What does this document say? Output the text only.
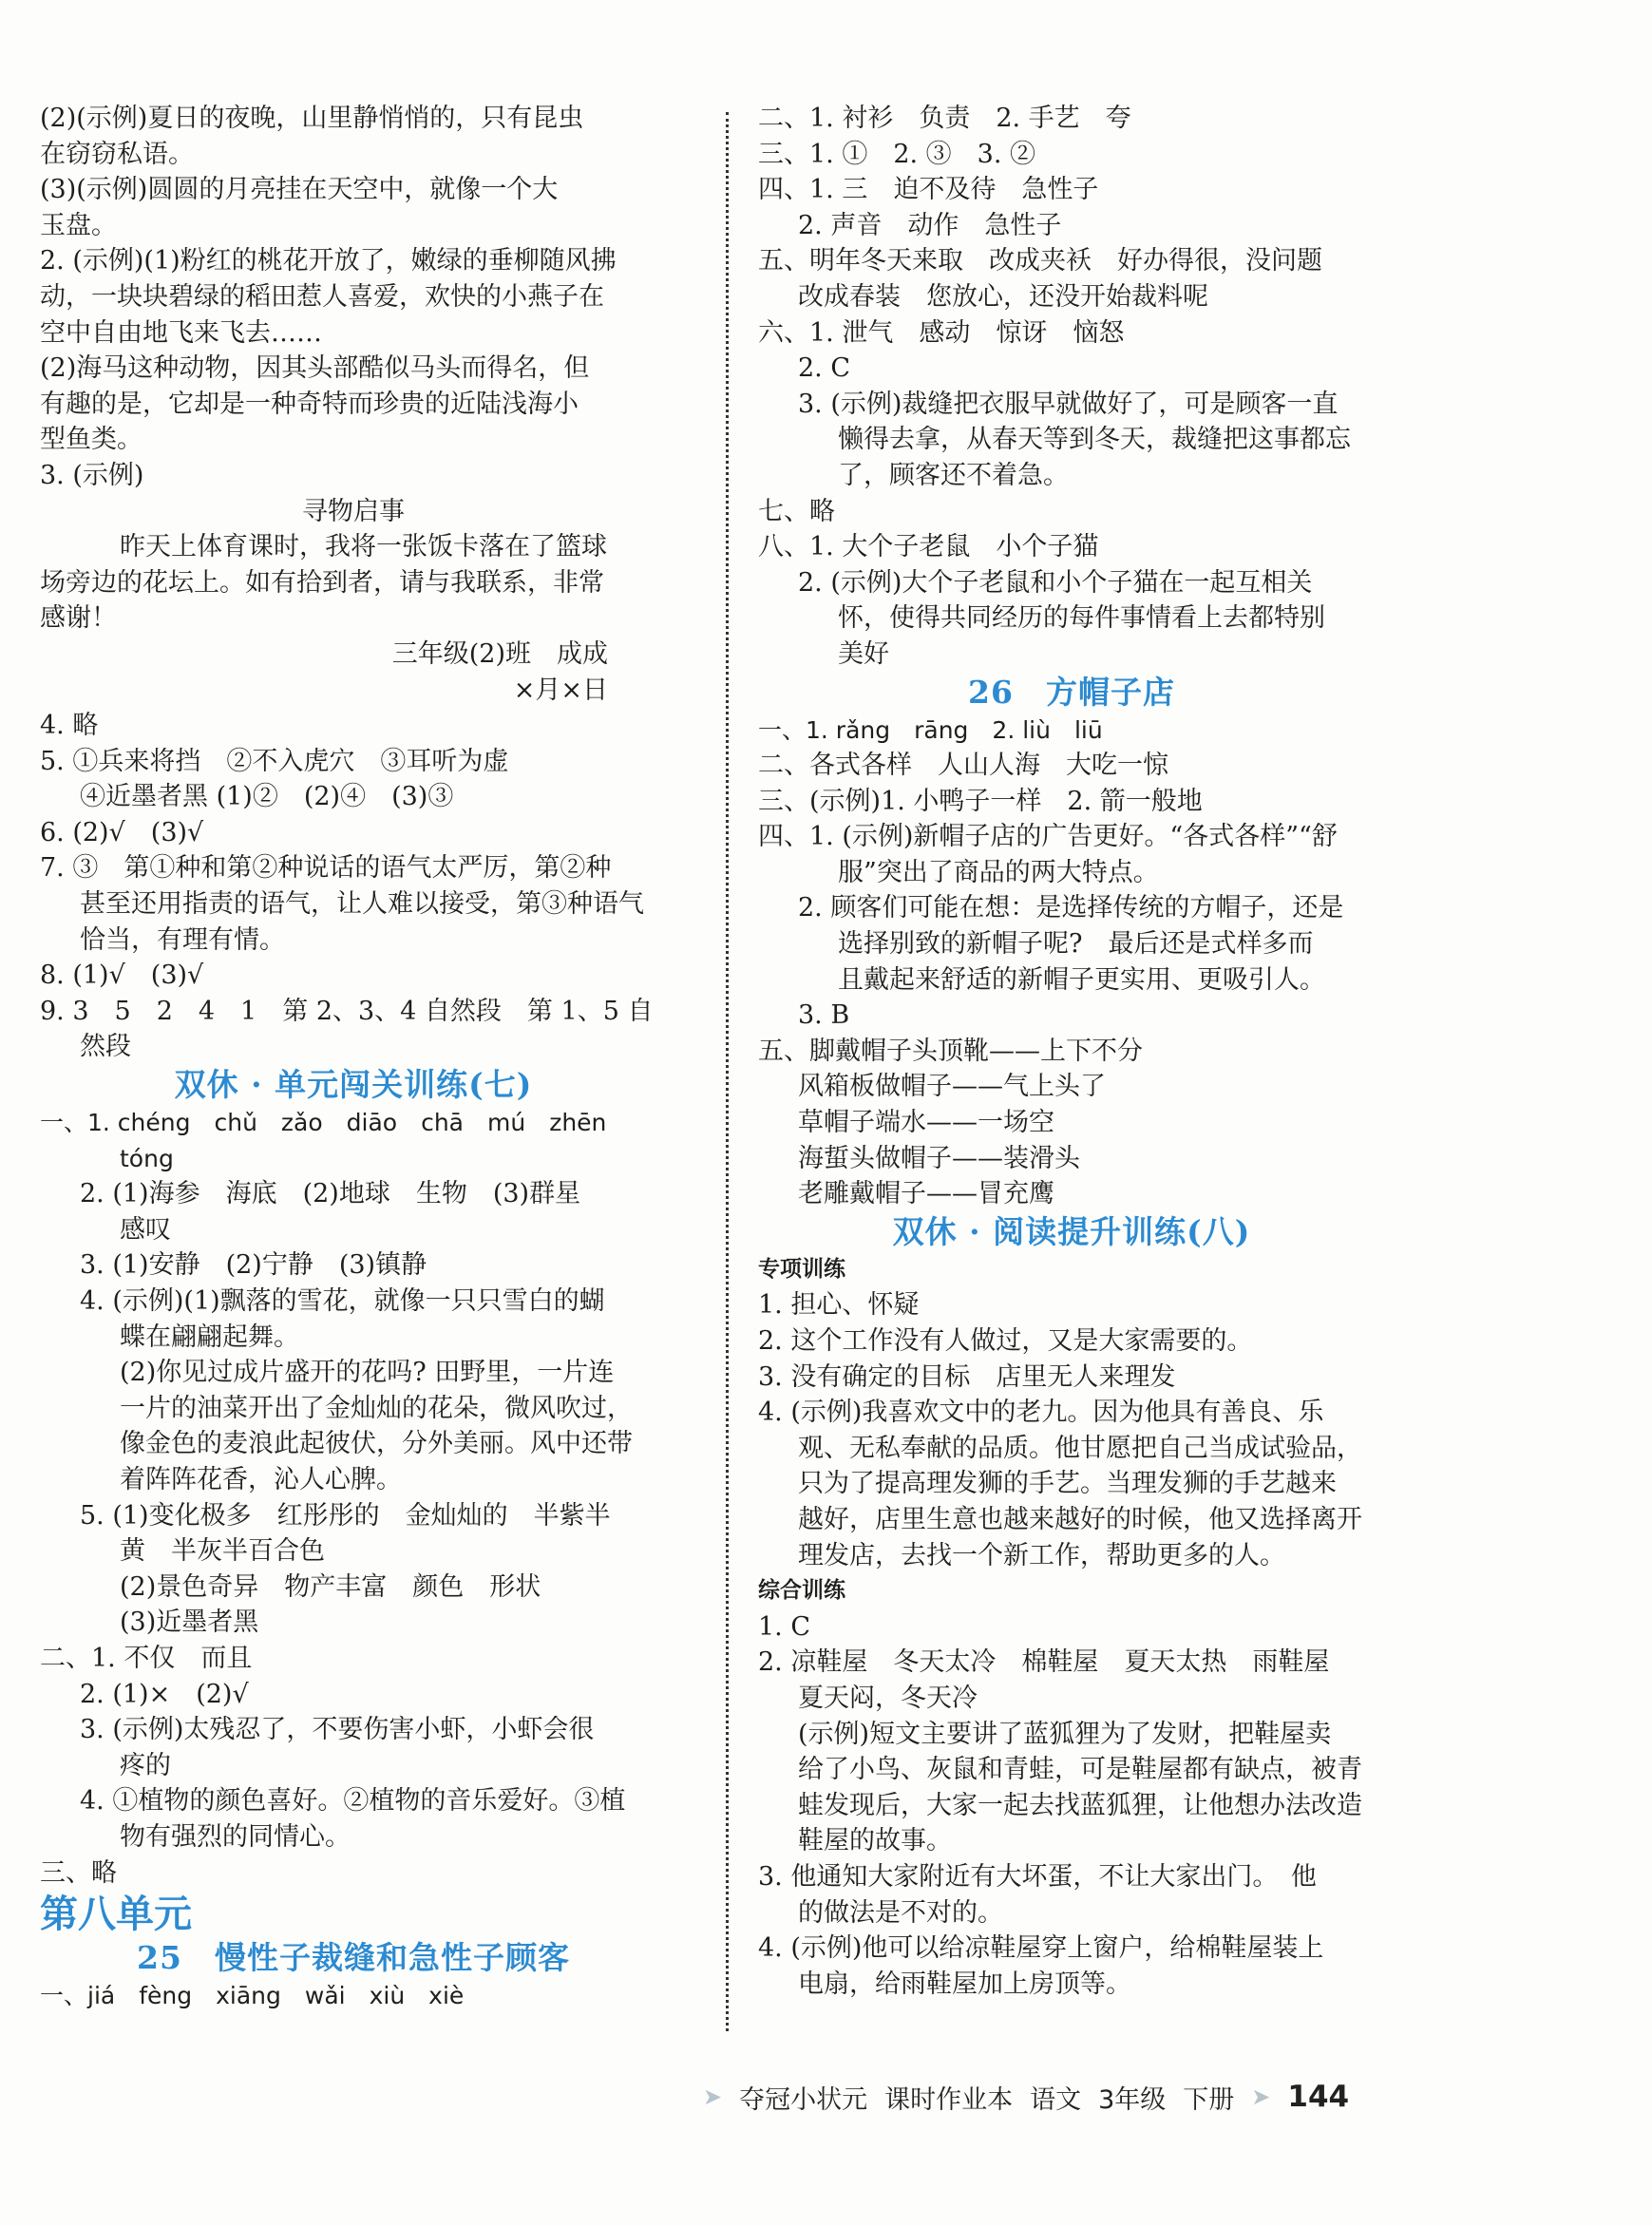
(2)(示例)夏日的夜晚，山里静悄悄的，只有昆虫
在窃窃私语。
(3)(示例)圆圆的月亮挂在天空中，就像一个大
玉盘。
2. (示例)(1)粉红的桃花开放了，嫩绿的垂柳随风拂
动，一块块碧绿的稻田惹人喜爱，欢快的小燕子在
空中自由地飞来飞去……
(2)海马这种动物，因其头部酷似马头而得名，但
有趣的是，它却是一种奇特而珍贵的近陆浅海小
型鱼类。
3. (示例)
寻物启事
昨天上体育课时，我将一张饭卡落在了篮球
场旁边的花坛上。如有拾到者，请与我联系，非常
感谢！
三年级(2)班　成成
×月×日
4. 略
5. ①兵来将挡　②不入虎穴　③耳听为虚
④近墨者黑 (1)②　(2)④　(3)③
6. (2)√　(3)√
7. ③　第①种和第②种说话的语气太严厉，第②种
甚至还用指责的语气，让人难以接受，第③种语气
恰当，有理有情。
8. (1)√　(3)√
9. 3　5　2　4　1　第 2、3、4 自然段　第 1、5 自
然段
双休 · 单元闯关训练(七)
一、1. chéng　chǔ　zǎo　diāo　chā　mú　zhēn
tóng
2. (1)海参　海底　(2)地球　生物　(3)群星
感叹
3. (1)安静　(2)宁静　(3)镇静
4. (示例)(1)飘落的雪花，就像一只只雪白的蝴
蝶在翩翩起舞。
(2)你见过成片盛开的花吗? 田野里，一片连
一片的油菜开出了金灿灿的花朵，微风吹过，
像金色的麦浪此起彼伏，分外美丽。风中还带
着阵阵花香，沁人心脾。
5. (1)变化极多　红彤彤的　金灿灿的　半紫半
黄　半灰半百合色
(2)景色奇异　物产丰富　颜色　形状
(3)近墨者黑
二、1. 不仅　而且
2. (1)×　(2)√
3. (示例)太残忍了，不要伤害小虾，小虾会很
疼的
4. ①植物的颜色喜好。②植物的音乐爱好。③植
物有强烈的同情心。
三、略
第八单元
25　慢性子裁缝和急性子顾客
一、jiá　fèng　xiāng　wǎi　xiù　xiè
二、1. 衬衫　负责　2. 手艺　夸
三、1. ①　2. ③　3. ②
四、1. 三　迫不及待　急性子
2. 声音　动作　急性子
五、明年冬天来取　改成夹袄　好办得很，没问题
改成春装　您放心，还没开始裁料呢
六、1. 泄气　感动　惊讶　恼怒
2. C
3. (示例)裁缝把衣服早就做好了，可是顾客一直
懒得去拿，从春天等到冬天，裁缝把这事都忘
了，顾客还不着急。
七、略
八、1. 大个子老鼠　小个子猫
2. (示例)大个子老鼠和小个子猫在一起互相关
怀，使得共同经历的每件事情看上去都特别
美好
26　方帽子店
一、1. rǎng　rāng　2. liù　liū
二、各式各样　人山人海　大吃一惊
三、(示例)1. 小鸭子一样　2. 箭一般地
四、1. (示例)新帽子店的广告更好。“各式各样”“舒
服”突出了商品的两大特点。
2. 顾客们可能在想：是选择传统的方帽子，还是
选择别致的新帽子呢?　最后还是式样多而
且戴起来舒适的新帽子更实用、更吸引人。
3. B
五、脚戴帽子头顶靴——上下不分
风箱板做帽子——气上头了
草帽子端水——一场空
海蜇头做帽子——装滑头
老雕戴帽子——冒充鹰
双休 · 阅读提升训练(八)
专项训练
1. 担心、怀疑
2. 这个工作没有人做过，又是大家需要的。
3. 没有确定的目标　店里无人来理发
4. (示例)我喜欢文中的老九。因为他具有善良、乐
观、无私奉献的品质。他甘愿把自己当成试验品，
只为了提高理发狮的手艺。当理发狮的手艺越来
越好，店里生意也越来越好的时候，他又选择离开
理发店，去找一个新工作，帮助更多的人。
综合训练
1. C
2. 凉鞋屋　冬天太冷　棉鞋屋　夏天太热　雨鞋屋
夏天闷，冬天冷
(示例)短文主要讲了蓝狐狸为了发财，把鞋屋卖
给了小鸟、灰鼠和青蛙，可是鞋屋都有缺点，被青
蛙发现后，大家一起去找蓝狐狸，让他想办法改造
鞋屋的故事。
3. 他通知大家附近有大坏蛋，不让大家出门。　他
的做法是不对的。
4. (示例)他可以给凉鞋屋穿上窗户，给棉鞋屋装上
电扇，给雨鞋屋加上房顶等。
➤ 夺冠小状元 课时作业本 语文 3年级 下册 ➤ 144
